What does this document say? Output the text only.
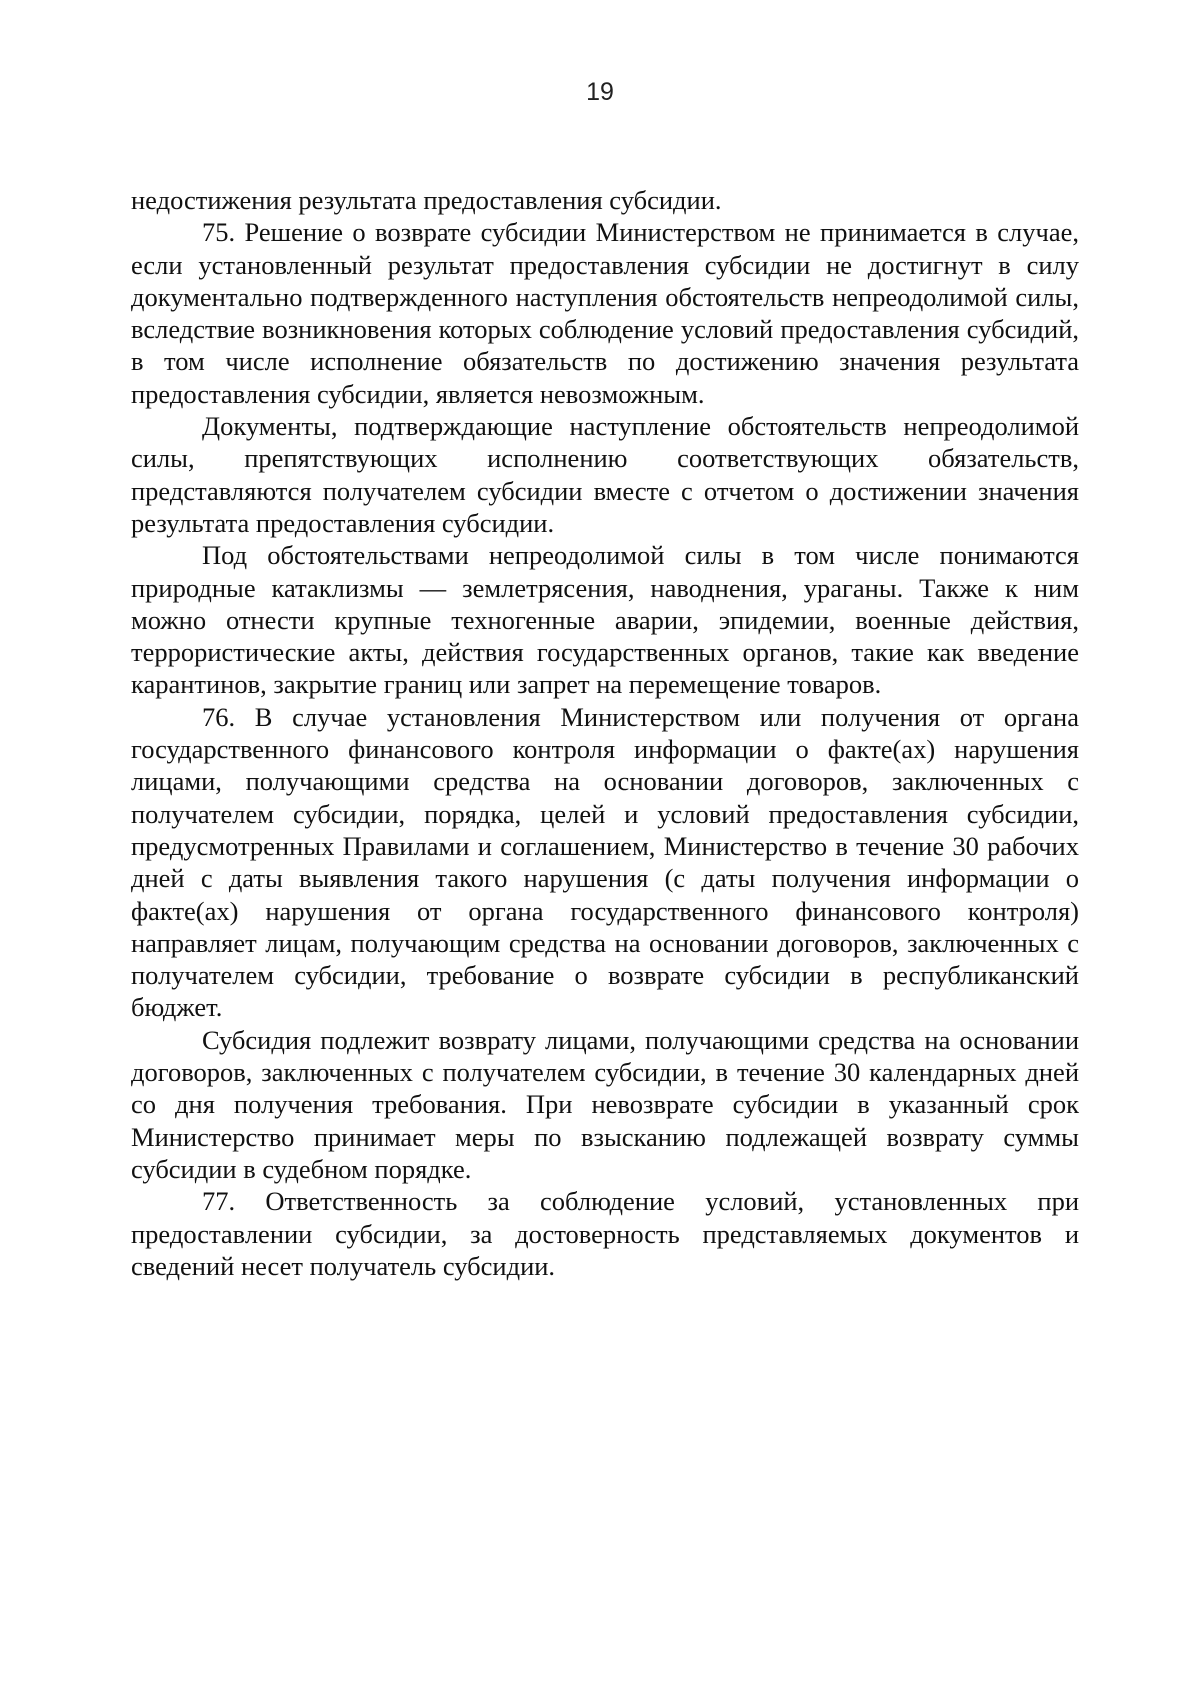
19

недостижения результата предоставления субсидии.

75. Решение о возврате субсидии Министерством не принимается в случае, если установленный результат предоставления субсидии не достигнут в силу документально подтвержденного наступления обстоятельств непреодолимой силы, вследствие возникновения которых соблюдение условий предоставления субсидий, в том числе исполнение обязательств по достижению значения результата предоставления субсидии, является невозможным.

Документы, подтверждающие наступление обстоятельств непреодолимой силы, препятствующих исполнению соответствующих обязательств, представляются получателем субсидии вместе с отчетом о достижении значения результата предоставления субсидии.

Под обстоятельствами непреодолимой силы в том числе понимаются природные катаклизмы — землетрясения, наводнения, ураганы. Также к ним можно отнести крупные техногенные аварии, эпидемии, военные действия, террористические акты, действия государственных органов, такие как введение карантинов, закрытие границ или запрет на перемещение товаров.

76. В случае установления Министерством или получения от органа государственного финансового контроля информации о факте(ах) нарушения лицами, получающими средства на основании договоров, заключенных с получателем субсидии, порядка, целей и условий предоставления субсидии, предусмотренных Правилами и соглашением, Министерство в течение 30 рабочих дней с даты выявления такого нарушения (с даты получения информации о факте(ах) нарушения от органа государственного финансового контроля) направляет лицам, получающим средства на основании договоров, заключенных с получателем субсидии, требование о возврате субсидии в республиканский бюджет.

Субсидия подлежит возврату лицами, получающими средства на основании договоров, заключенных с получателем субсидии, в течение 30 календарных дней со дня получения требования. При невозврате субсидии в указанный срок Министерство принимает меры по взысканию подлежащей возврату суммы субсидии в судебном порядке.

77. Ответственность за соблюдение условий, установленных при предоставлении субсидии, за достоверность представляемых документов и сведений несет получатель субсидии.
